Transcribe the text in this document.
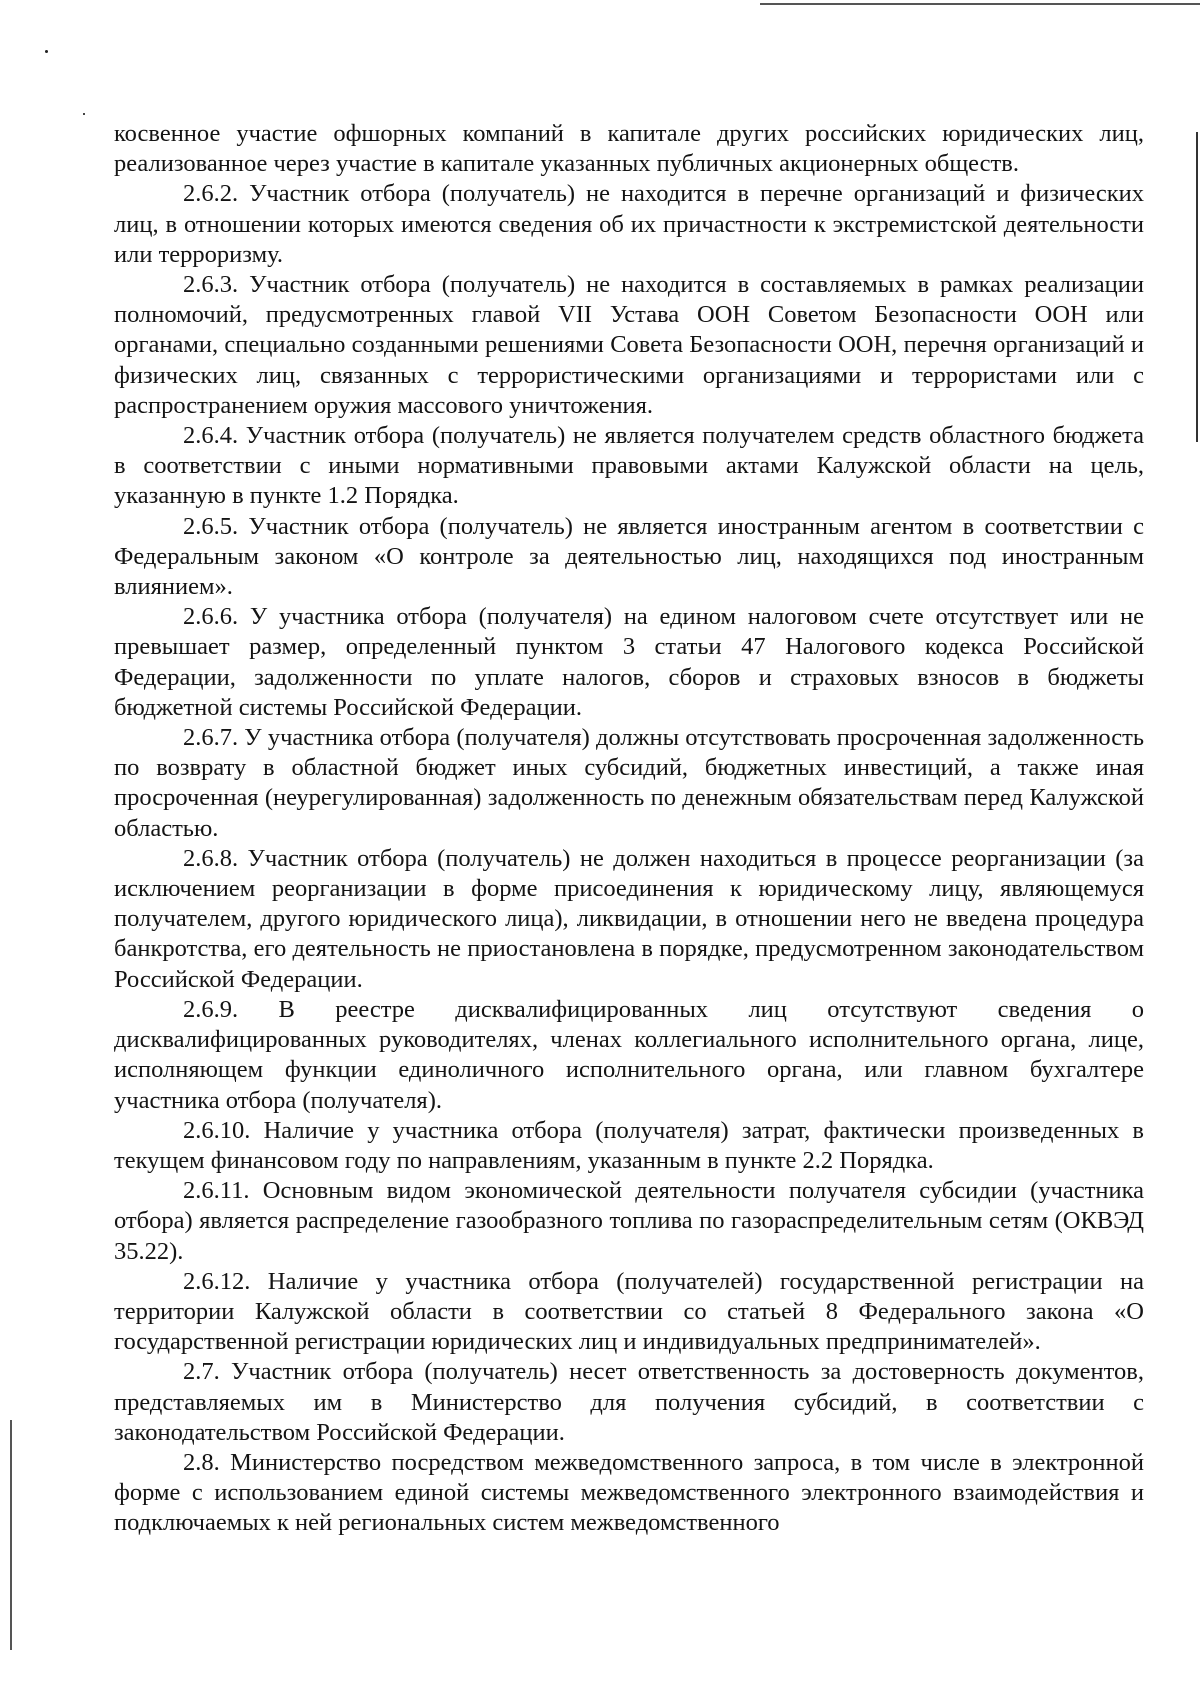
косвенное участие офшорных компаний в капитале других российских юридических лиц, реализованное через участие в капитале указанных публичных акционерных обществ.

2.6.2. Участник отбора (получатель) не находится в перечне организаций и физических лиц, в отношении которых имеются сведения об их причастности к экстремистской деятельности или терроризму.

2.6.3. Участник отбора (получатель) не находится в составляемых в рамках реализации полномочий, предусмотренных главой VII Устава ООН Советом Безопасности ООН или органами, специально созданными решениями Совета Безопасности ООН, перечня организаций и физических лиц, связанных с террористическими организациями и террористами или с распространением оружия массового уничтожения.

2.6.4. Участник отбора (получатель) не является получателем средств областного бюджета в соответствии с иными нормативными правовыми актами Калужской области на цель, указанную в пункте 1.2 Порядка.

2.6.5. Участник отбора (получатель) не является иностранным агентом в соответствии с Федеральным законом «О контроле за деятельностью лиц, находящихся под иностранным влиянием».

2.6.6. У участника отбора (получателя) на едином налоговом счете отсутствует или не превышает размер, определенный пунктом 3 статьи 47 Налогового кодекса Российской Федерации, задолженности по уплате налогов, сборов и страховых взносов в бюджеты бюджетной системы Российской Федерации.

2.6.7. У участника отбора (получателя) должны отсутствовать просроченная задолженность по возврату в областной бюджет иных субсидий, бюджетных инвестиций, а также иная просроченная (неурегулированная) задолженность по денежным обязательствам перед Калужской областью.

2.6.8. Участник отбора (получатель) не должен находиться в процессе реорганизации (за исключением реорганизации в форме присоединения к юридическому лицу, являющемуся получателем, другого юридического лица), ликвидации, в отношении него не введена процедура банкротства, его деятельность не приостановлена в порядке, предусмотренном законодательством Российской Федерации.

2.6.9. В реестре дисквалифицированных лиц отсутствуют сведения о дисквалифицированных руководителях, членах коллегиального исполнительного органа, лице, исполняющем функции единоличного исполнительного органа, или главном бухгалтере участника отбора (получателя).

2.6.10. Наличие у участника отбора (получателя) затрат, фактически произведенных в текущем финансовом году по направлениям, указанным в пункте 2.2 Порядка.

2.6.11. Основным видом экономической деятельности получателя субсидии (участника отбора) является распределение газообразного топлива по газораспределительным сетям (ОКВЭД 35.22).

2.6.12. Наличие у участника отбора (получателей) государственной регистрации на территории Калужской области в соответствии со статьей 8 Федерального закона «О государственной регистрации юридических лиц и индивидуальных предпринимателей».

2.7. Участник отбора (получатель) несет ответственность за достоверность документов, представляемых им в Министерство для получения субсидий, в соответствии с законодательством Российской Федерации.

2.8. Министерство посредством межведомственного запроса, в том числе в электронной форме с использованием единой системы межведомственного электронного взаимодействия и подключаемых к ней региональных систем межведомственного
